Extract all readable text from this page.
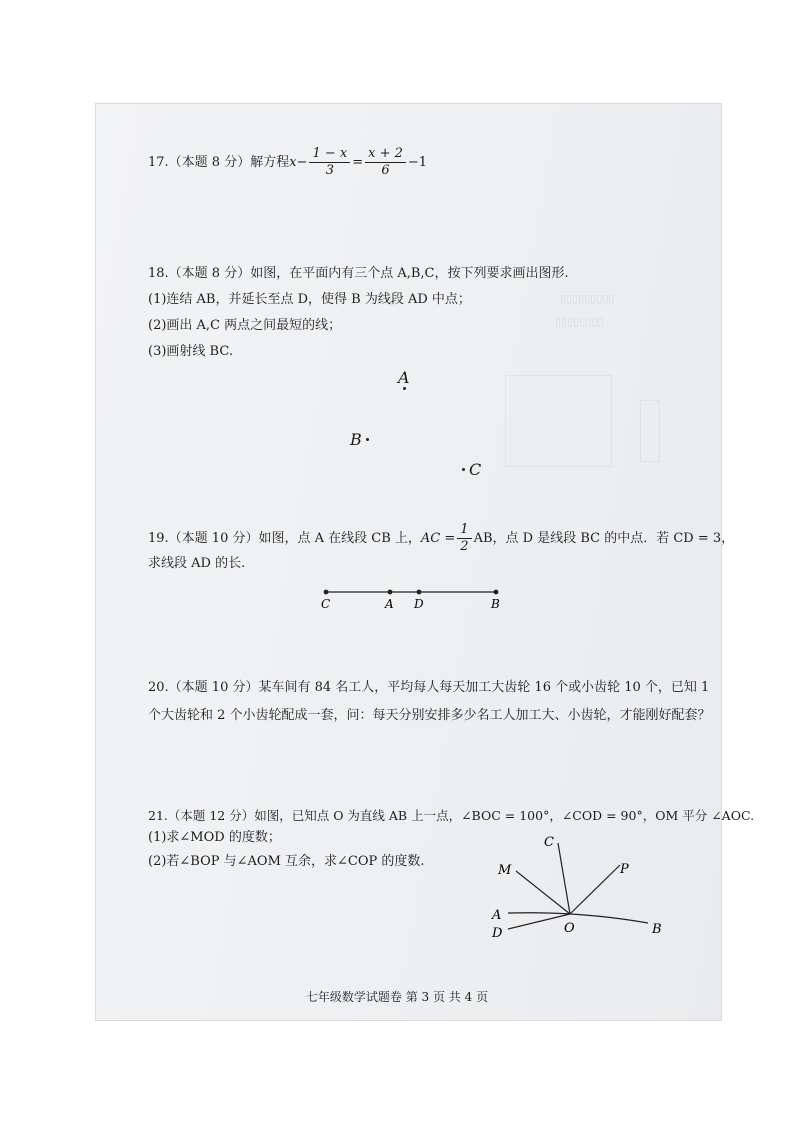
▯▯▯▯▯▯▯▯▯
▯▯▯▯▯▯▯▯
17.（本题 8 分）解方程$x- \frac{1 - x}{3} = \frac{x + 2}{6} -1$
18.（本题 8 分）如图，在平面内有三个点 A,B,C，按下列要求画出图形.
(1)连结 AB，并延长至点 D，使得 B 为线段 AD 中点；
(2)画出 A,C 两点之间最短的线；
(3)画射线 BC.
A
B
C
19.（本题 10 分）如图，点 A 在线段 CB 上，AC = $\frac{1}{2}$ AB，点 D 是线段 BC 的中点．若 CD = 3，
求线段 AD 的长.
C	A D	B
20.（本题 10 分）某车间有 84 名工人，平均每人每天加工大齿轮 16 个或小齿轮 10 个，已知 1
个大齿轮和 2 个小齿轮配成一套，问：每天分别安排多少名工人加工大、小齿轮，才能刚好配套？
21.（本题 12 分）如图，已知点 O 为直线 AB 上一点，∠BOC = 100°，∠COD = 90°，OM 平分 ∠AOC.
(1)求∠MOD 的度数；
(2)若∠BOP 与∠AOM 互余，求∠COP 的度数.
C
M	P
A
D	O	B
七年级数学试题卷 第 3 页 共 4 页
